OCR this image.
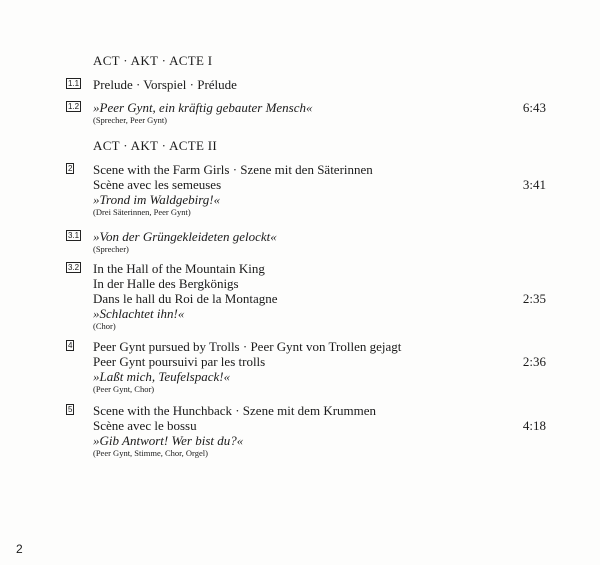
ACT · AKT · ACTE I
1.1 Prelude · Vorspiel · Prélude
1.2 »Peer Gynt, ein kräftig gebauter Mensch«
(Sprecher, Peer Gynt)
6:43
ACT · AKT · ACTE II
2 Scene with the Farm Girls · Szene mit den Säterinnen
Scène avec les semeuses
»Trond im Waldgebirg!«
(Drei Säterinnen, Peer Gynt)
3:41
3.1 »Von der Grüngekleideten gelockt«
(Sprecher)
3.2 In the Hall of the Mountain King
In der Halle des Bergkönigs
Dans le hall du Roi de la Montagne
»Schlachtet ihn!«
(Chor)
2:35
4 Peer Gynt pursued by Trolls · Peer Gynt von Trollen gejagt
Peer Gynt poursuivi par les trolls
»Laßt mich, Teufelspack!«
(Peer Gynt, Chor)
2:36
5 Scene with the Hunchback · Szene mit dem Krummen
Scène avec le bossu
»Gib Antwort! Wer bist du?«
(Peer Gynt, Stimme, Chor, Orgel)
4:18
2
